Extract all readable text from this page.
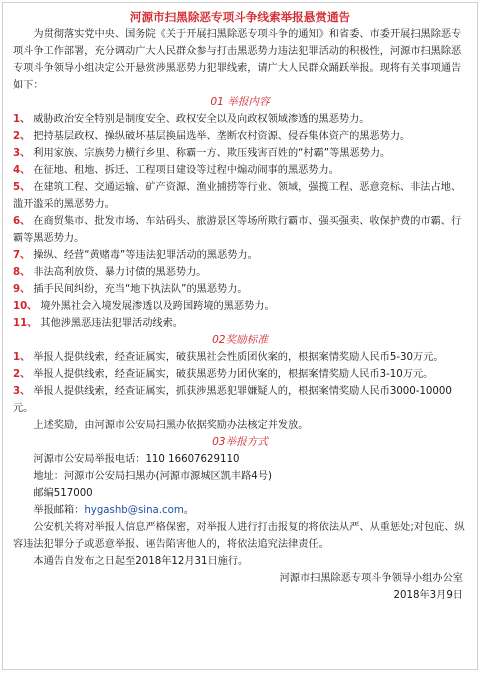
河源市扫黑除恶专项斗争线索举报悬赏通告

为贯彻落实党中央、国务院《关于开展扫黑除恶专项斗争的通知》和省委、市委开展扫黑除恶专项斗争工作部署，充分调动广大人民群众参与打击黑恶势力违法犯罪活动的积极性，河源市扫黑除恶专项斗争领导小组决定公开悬赏涉黑恶势力犯罪线索，请广大人民群众踊跃举报。现将有关事项通告如下：

01 举报内容

1、 威胁政治安全特别是制度安全、政权安全以及向政权领域渗透的黑恶势力。

2、 把持基层政权、操纵破坏基层换届选举、垄断农村资源、侵吞集体资产的黑恶势力。

3、 利用家族、宗族势力横行乡里、称霸一方、欺压残害百姓的“村霸”等黑恶势力。

4、 在征地、租地、拆迁、工程项目建设等过程中煽动闹事的黑恶势力。

5、 在建筑工程、交通运输、矿产资源、渔业捕捞等行业、领域，强揽工程、恶意竞标、非法占地、滥开滥采的黑恶势力。

6、 在商贸集市、批发市场、车站码头、旅游景区等场所欺行霸市、强买强卖、收保护费的市霸、行霸等黑恶势力。

7、 操纵、经营“黄赌毒”等违法犯罪活动的黑恶势力。

8、 非法高利放贷、暴力讨债的黑恶势力。

9、 插手民间纠纷，充当“地下执法队”的黑恶势力。

10、 境外黑社会入境发展渗透以及跨国跨境的黑恶势力。

11、 其他涉黑恶违法犯罪活动线索。

02奖励标准

1、 举报人提供线索，经查证属实，破获黑社会性质团伙案的，根据案情奖励人民币5-30万元。

2、 举报人提供线索，经查证属实，破获黑恶势力团伙案的，根据案情奖励人民币3-10万元。

3、 举报人提供线索，经查证属实，抓获涉黑恶犯罪嫌疑人的，根据案情奖励人民币3000-10000元。

上述奖励，由河源市公安局扫黑办依据奖励办法核定并发放。

03举报方式

河源市公安局举报电话：110 16607629110

地址：河源市公安局扫黑办(河源市源城区凯丰路4号)

邮编517000

举报邮箱：hygashb@sina.com。

公安机关将对举报人信息严格保密，对举报人进行打击报复的将依法从严、从重惩处;对包庇、纵容违法犯罪分子或恶意举报、诬告陷害他人的，将依法追究法律责任。

本通告自发布之日起至2018年12月31日施行。

河源市扫黑除恶专项斗争领导小组办公室

2018年3月9日
